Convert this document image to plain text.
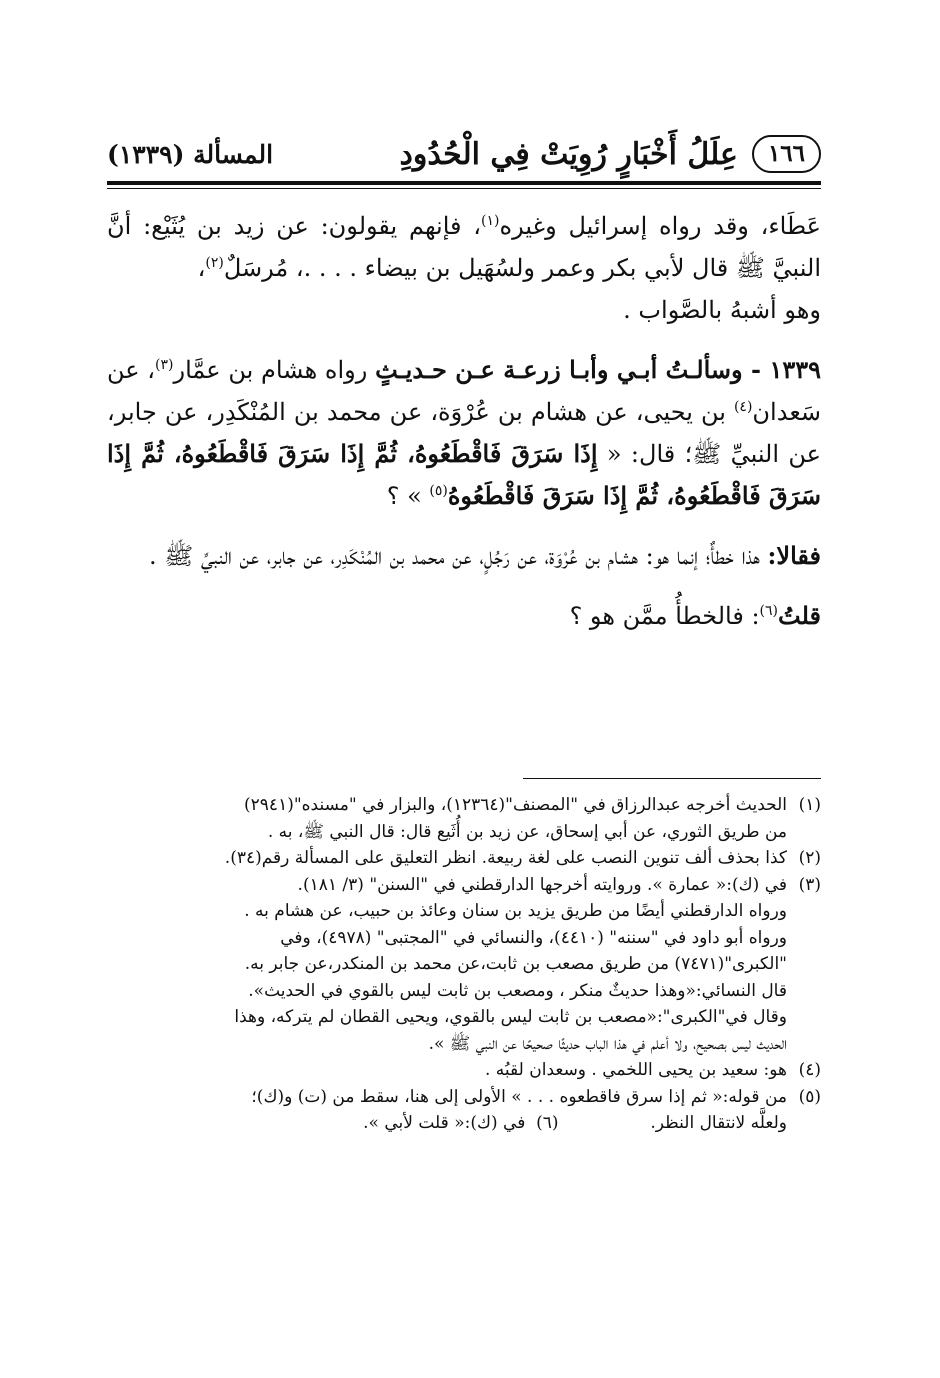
١٦٦
عِلَلُ أَخْبَارٍ رُوِيَتْ فِي الْحُدُودِ
المسألة (١٣٣٩)

عَطَاء، وقد رواه إسرائيل وغيره$^{(١)}$، فإنهم يقولون: عن زيد بن يُثَيْع: أنَّ النبيَّ ﷺ قال لأبي بكر وعمر ولسُهَيل بن بيضاء . . . .، مُرسَلٌ$^{(٢)}$،
وهو أشبهُ بالصَّواب .

١٣٣٩ - وسألـتُ أبـي وأبـا زرعـة عـن حـديـثٍ رواه هشام بن عمَّار$^{(٣)}$، عن سَعدان$^{(٤)}$ بن يحيى، عن هشام بن عُرْوَة، عن محمد بن المُنْكَدِر، عن جابر، عن النبيِّ ﷺ؛ قال: « إِذَا سَرَقَ فَاقْطَعُوهُ، ثُمَّ إِذَا سَرَقَ فَاقْطَعُوهُ، ثُمَّ إِذَا سَرَقَ فَاقْطَعُوهُ، ثُمَّ إِذَا سَرَقَ فَاقْطَعُوهُ$^{(٥)}$ » ؟

فقالا: هذا خطأٌ؛ إنما هو: هشام بن عُرْوَة، عن رَجُلٍ، عن محمد بن المُنْكَدِر، عن جابر، عن النبيِّ ﷺ .

قلتُ$^{(٦)}$: فالخطأُ ممَّن هو ؟

(١)
الحديث أخرجه عبدالرزاق في "المصنف"(١٢٣٦٤)، والبزار في "مسنده"(٢٩٤١)
من طريق الثوري، عن أبي إسحاق، عن زيد بن أُثَيع قال: قال النبي ﷺ، به .
(٢)
كذا بحذف ألف تنوين النصب على لغة ربيعة. انظر التعليق على المسألة رقم(٣٤).
(٣)
في (ك):« عمارة ». وروايته أخرجها الدارقطني في "السنن" (٣/ ١٨١).
ورواه الدارقطني أيضًا من طريق يزيد بن سنان وعائذ بن حبيب، عن هشام به .
ورواه أبو داود في "سننه" (٤٤١٠)، والنسائي في "المجتبى" (٤٩٧٨)، وفي
"الكبرى"(٧٤٧١) من طريق مصعب بن ثابت،عن محمد بن المنكدر،عن جابر به.
قال النسائي:«وهذا حديثٌ منكر ، ومصعب بن ثابت ليس بالقوي في الحديث».
وقال في"الكبرى":«مصعب بن ثابت ليس بالقوي، ويحيى القطان لم يتركه، وهذا
الحديث ليس بصحيح، ولا أعلم في هذا الباب حديثًا صحيحًا عن النبي ﷺ ».
(٤)
هو: سعيد بن يحيى اللخمي . وسعدان لقبُه .
(٥)
من قوله:« ثم إذا سرق فاقطعوه . . . » الأولى إلى هنا، سقط من (ت) و(ك)؛
ولعلَّه لانتقال النظر.                 (٦)  في (ك):« قلت لأبي ».
